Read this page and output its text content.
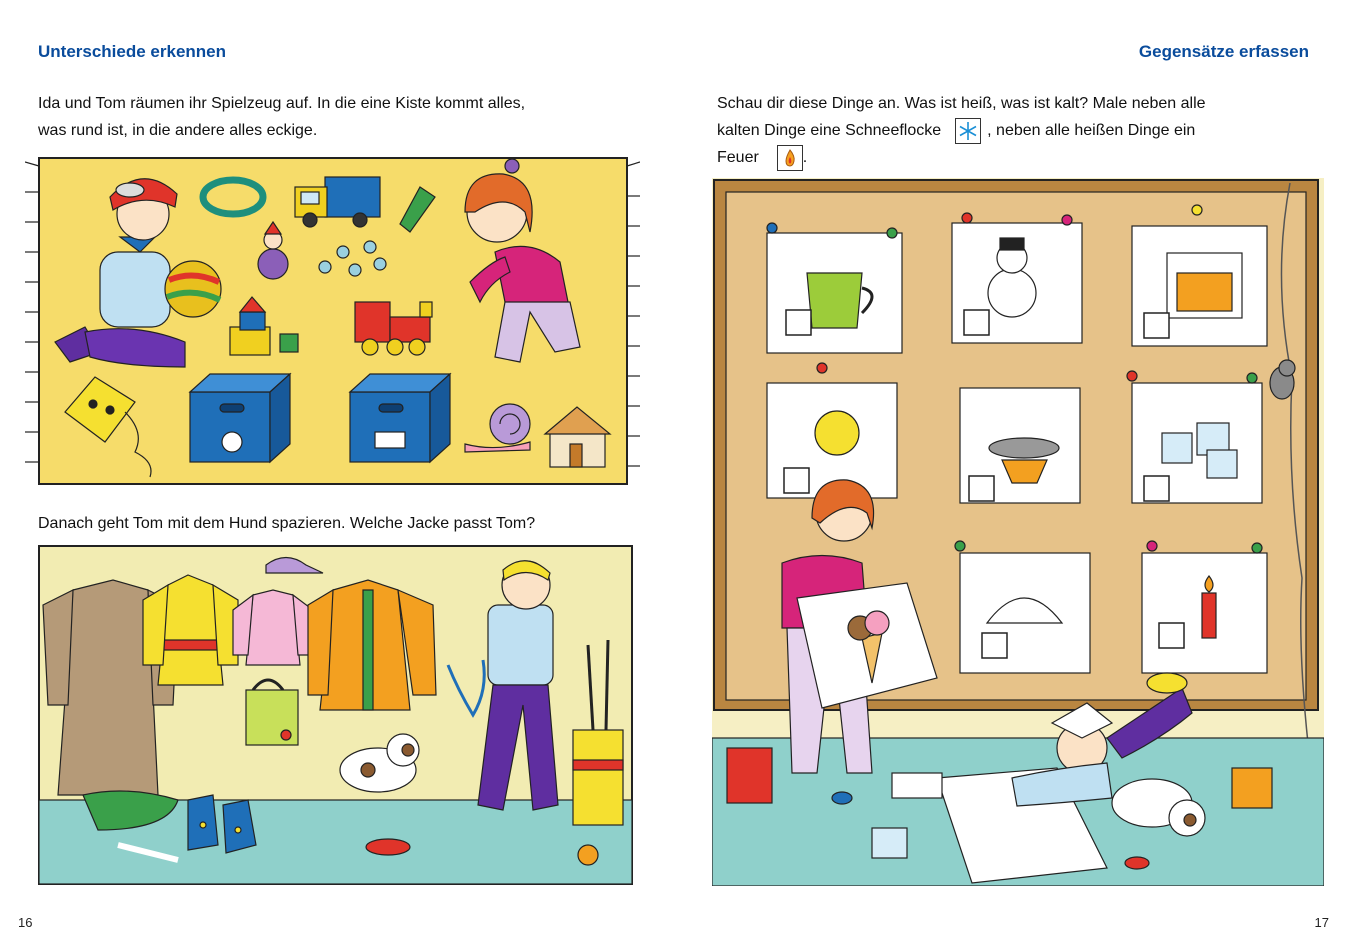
Unterschiede erkennen
Ida und Tom räumen ihr Spielzeug auf. In die eine Kiste kommt alles,
was rund ist, in die andere alles eckige.
Danach geht Tom mit dem Hund spazieren. Welche Jacke passt Tom?
16
Gegensätze erfassen
Schau dir diese Dinge an. Was ist heiß, was ist kalt? Male neben alle
kalten Dinge eine Schneeflocke	, neben alle heißen Dinge ein
Feuer	.
17
